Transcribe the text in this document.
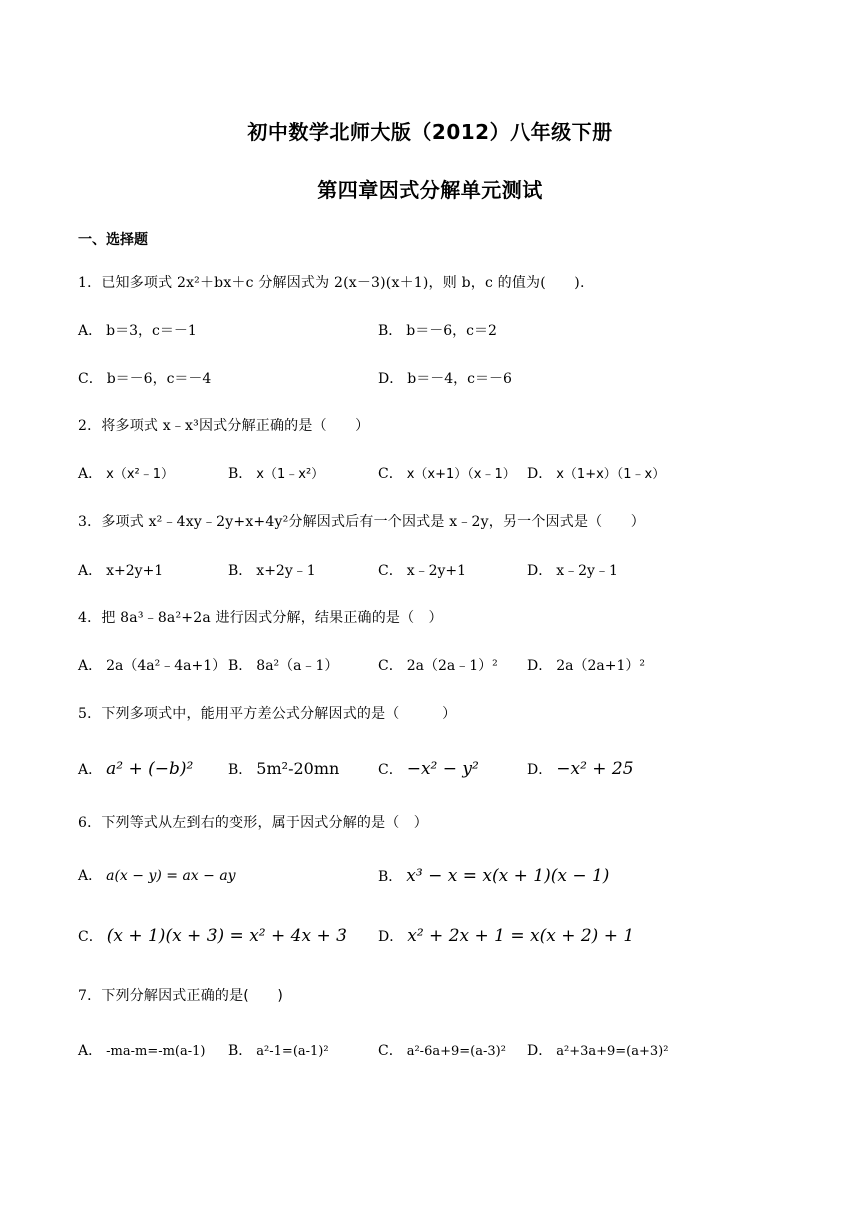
初中数学北师大版（2012）八年级下册
第四章因式分解单元测试
一、选择题
1．已知多项式 2x²＋bx＋c 分解因式为 2(x－3)(x＋1)，则 b，c 的值为(　　).
A． b＝3，c＝－1	B． b＝－6，c＝2
C． b＝－6，c＝－4	D． b＝－4，c＝－6
2．将多项式 x﹣x³因式分解正确的是（　　）
A． x（x²﹣1）	B． x（1﹣x²）	C． x（x+1）（x﹣1） D． x（1+x）（1﹣x）
3．多项式 x²﹣4xy﹣2y+x+4y²分解因式后有一个因式是 x﹣2y，另一个因式是（　　）
A． x+2y+1	B． x+2y﹣1	C． x﹣2y+1	D． x﹣2y﹣1
4．把 8a³﹣8a²+2a 进行因式分解，结果正确的是（　）
A． 2a（4a²﹣4a+1） B． 8a²（a﹣1）	C． 2a（2a﹣1）² D． 2a（2a+1）²
5．下列多项式中，能用平方差公式分解因式的是（　　　）
A． a² + (−b)² B． 5m²-20mn	C． −x² − y²	D． −x² + 25
6．下列等式从左到右的变形，属于因式分解的是（　）
A． a(x − y) = ax − ay	B． x³ − x = x(x + 1)(x − 1)
C． (x + 1)(x + 3) = x² + 4x + 3 D． x² + 2x + 1 = x(x + 2) + 1
7．下列分解因式正确的是(　　)
A． -ma-m=-m(a-1) B． a²-1=(a-1)²	C． a²-6a+9=(a-3)² D． a²+3a+9=(a+3)²
